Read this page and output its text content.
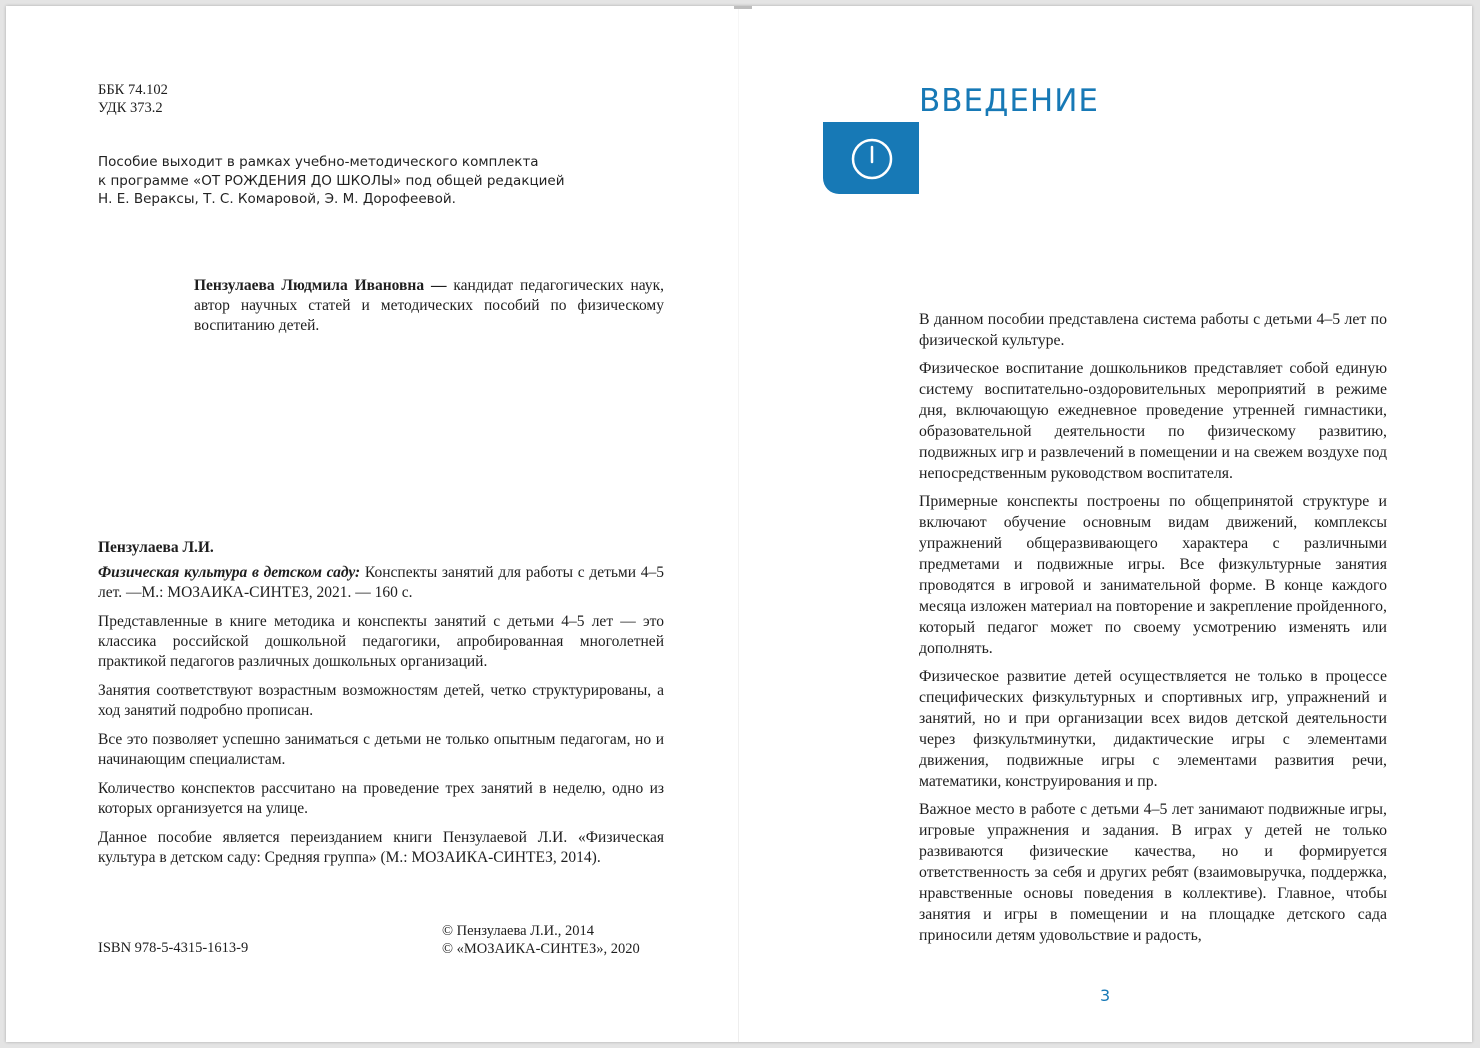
ББК 74.102
УДК 373.2
Пособие выходит в рамках учебно-методического комплекта
к программе «ОТ РОЖДЕНИЯ ДО ШКОЛЫ» под общей редакцией
Н. Е. Вераксы, Т. С. Комаровой, Э. М. Дорофеевой.
Пензулаева Людмила Ивановна — кандидат педагогических наук, автор научных статей и методических пособий по физическому воспитанию детей.

Пензулаева Л.И.

Физическая культура в детском саду: Конспекты занятий для работы с детьми 4–5 лет. —М.: МОЗАИКА-СИНТЕЗ, 2021. — 160 с.

Представленные в книге методика и конспекты занятий с детьми 4–5 лет — это классика российской дошкольной педагогики, апробированная многолетней практикой педагогов различных дошкольных организаций.

Занятия соответствуют возрастным возможностям детей, четко структурированы, а ход занятий подробно прописан.

Все это позволяет успешно заниматься с детьми не только опытным педагогам, но и начинающим специалистам.

Количество конспектов рассчитано на проведение трех занятий в неделю, одно из которых организуется на улице.

Данное пособие является переизданием книги Пензулаевой Л.И. «Физическая культура в детском саду: Средняя группа» (М.: МОЗАИКА-СИНТЕЗ, 2014).

ISBN 978-5-4315-1613-9
© Пензулаева Л.И., 2014
© «МОЗАИКА-СИНТЕЗ», 2020
ВВЕДЕНИЕ

В данном пособии представлена система работы с детьми 4–5 лет по физической культуре.

Физическое воспитание дошкольников представляет собой единую систему воспитательно-оздоровительных мероприятий в режиме дня, включающую ежедневное проведение утренней гимнастики, образовательной деятельности по физическому развитию, подвижных игр и развлечений в помещении и на свежем воздухе под непосредственным руководством воспитателя.

Примерные конспекты построены по общепринятой структуре и включают обучение основным видам движений, комплексы упражнений общеразвивающего характера с различными предметами и подвижные игры. Все физкультурные занятия проводятся в игровой и занимательной форме. В конце каждого месяца изложен материал на повторение и закрепление пройденного, который педагог может по своему усмотрению изменять или дополнять.

Физическое развитие детей осуществляется не только в процессе специфических физкультурных и спортивных игр, упражнений и занятий, но и при организации всех видов детской деятельности через физкультминутки, дидактические игры с элементами движения, подвижные игры с элементами развития речи, математики, конструирования и пр.

Важное место в работе с детьми 4–5 лет занимают подвижные игры, игровые упражнения и задания. В играх у детей не только развиваются физические качества, но и формируется ответственность за себя и других ребят (взаимовыручка, поддержка, нравственные основы поведения в коллективе). Главное, чтобы занятия и игры в помещении и на площадке детского сада приносили детям удовольствие и радость,

3
